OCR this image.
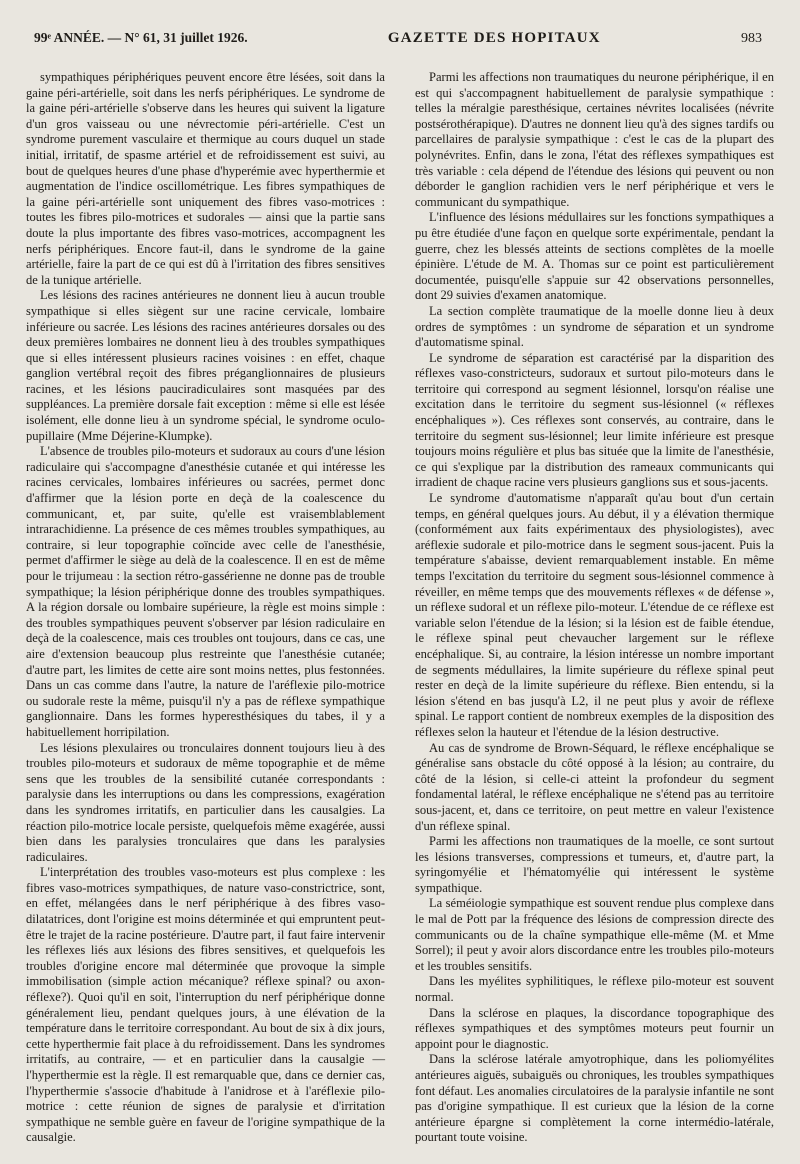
99ᵉ ANNÉE. — N° 61, 31 juillet 1926.	GAZETTE DES HOPITAUX	983

sympathiques périphériques peuvent encore être lésées, soit dans la gaine péri-artérielle, soit dans les nerfs périphériques. Le syndrome de la gaine péri-artérielle s'observe dans les heures qui suivent la ligature d'un gros vaisseau ou une névrectomie péri-artérielle. C'est un syndrome purement vasculaire et thermique au cours duquel un stade initial, irritatif, de spasme artériel et de refroidissement est suivi, au bout de quelques heures d'une phase d'hyperémie avec hyperthermie et augmentation de l'indice oscillométrique. Les fibres sympathiques de la gaine péri-artérielle sont uniquement des fibres vaso-motrices : toutes les fibres pilo-motrices et sudorales — ainsi que la partie sans doute la plus importante des fibres vaso-motrices, accompagnent les nerfs périphériques. Encore faut-il, dans le syndrome de la gaine artérielle, faire la part de ce qui est dû à l'irritation des fibres sensitives de la tunique artérielle.

Les lésions des racines antérieures ne donnent lieu à aucun trouble sympathique si elles siègent sur une racine cervicale, lombaire inférieure ou sacrée. Les lésions des racines antérieures dorsales ou des deux premières lombaires ne donnent lieu à des troubles sympathiques que si elles intéressent plusieurs racines voisines : en effet, chaque ganglion vertébral reçoit des fibres préganglionnaires de plusieurs racines, et les lésions pauciradiculaires sont masquées par des suppléances. La première dorsale fait exception : même si elle est lésée isolément, elle donne lieu à un syndrome spécial, le syndrome oculo-pupillaire (Mme Déjerine-Klumpke).

L'absence de troubles pilo-moteurs et sudoraux au cours d'une lésion radiculaire qui s'accompagne d'anesthésie cutanée et qui intéresse les racines cervicales, lombaires inférieures ou sacrées, permet donc d'affirmer que la lésion porte en deçà de la coalescence du communicant, et, par suite, qu'elle est vraisemblablement intrarachidienne. La présence de ces mêmes troubles sympathiques, au contraire, si leur topographie coïncide avec celle de l'anesthésie, permet d'affirmer le siège au delà de la coalescence. Il en est de même pour le trijumeau : la section rétro-gassérienne ne donne pas de trouble sympathique; la lésion périphérique donne des troubles sympathiques. A la région dorsale ou lombaire supérieure, la règle est moins simple : des troubles sympathiques peuvent s'observer par lésion radiculaire en deçà de la coalescence, mais ces troubles ont toujours, dans ce cas, une aire d'extension beaucoup plus restreinte que l'anesthésie cutanée; d'autre part, les limites de cette aire sont moins nettes, plus festonnées. Dans un cas comme dans l'autre, la nature de l'aréflexie pilo-motrice ou sudorale reste la même, puisqu'il n'y a pas de réflexe sympathique ganglionnaire. Dans les formes hyperesthésiques du tabes, il y a habituellement horripilation.

Les lésions plexulaires ou tronculaires donnent toujours lieu à des troubles pilo-moteurs et sudoraux de même topographie et de même sens que les troubles de la sensibilité cutanée correspondants : paralysie dans les interruptions ou dans les compressions, exagération dans les syndromes irritatifs, en particulier dans les causalgies. La réaction pilo-motrice locale persiste, quelquefois même exagérée, aussi bien dans les paralysies tronculaires que dans les paralysies radiculaires.

L'interprétation des troubles vaso-moteurs est plus complexe : les fibres vaso-motrices sympathiques, de nature vaso-constrictrice, sont, en effet, mélangées dans le nerf périphérique à des fibres vaso-dilatatrices, dont l'origine est moins déterminée et qui empruntent peut-être le trajet de la racine postérieure. D'autre part, il faut faire intervenir les réflexes liés aux lésions des fibres sensitives, et quelquefois les troubles d'origine encore mal déterminée que provoque la simple immobilisation (simple action mécanique? réflexe spinal? ou axon-réflexe?). Quoi qu'il en soit, l'interruption du nerf périphérique donne généralement lieu, pendant quelques jours, à une élévation de la température dans le territoire correspondant. Au bout de six à dix jours, cette hyperthermie fait place à du refroidissement. Dans les syndromes irritatifs, au contraire, — et en particulier dans la causalgie — l'hyperthermie est la règle. Il est remarquable que, dans ce dernier cas, l'hyperthermie s'associe d'habitude à l'anidrose et à l'aréflexie pilo-motrice : cette réunion de signes de paralysie et d'irritation sympathique ne semble guère en faveur de l'origine sympathique de la causalgie.

Parmi les affections non traumatiques du neurone périphérique, il en est qui s'accompagnent habituellement de paralysie sympathique : telles la méralgie paresthésique, certaines névrites localisées (névrite postsérothérapique). D'autres ne donnent lieu qu'à des signes tardifs ou parcellaires de paralysie sympathique : c'est le cas de la plupart des polynévrites. Enfin, dans le zona, l'état des réflexes sympathiques est très variable : cela dépend de l'étendue des lésions qui peuvent ou non déborder le ganglion rachidien vers le nerf périphérique et vers le communicant du sympathique.

L'influence des lésions médullaires sur les fonctions sympathiques a pu être étudiée d'une façon en quelque sorte expérimentale, pendant la guerre, chez les blessés atteints de sections complètes de la moelle épinière. L'étude de M. A. Thomas sur ce point est particulièrement documentée, puisqu'elle s'appuie sur 42 observations personnelles, dont 29 suivies d'examen anatomique.

La section complète traumatique de la moelle donne lieu à deux ordres de symptômes : un syndrome de séparation et un syndrome d'automatisme spinal.

Le syndrome de séparation est caractérisé par la disparition des réflexes vaso-constricteurs, sudoraux et surtout pilo-moteurs dans le territoire qui correspond au segment lésionnel, lorsqu'on réalise une excitation dans le territoire du segment sus-lésionnel (« réflexes encéphaliques »). Ces réflexes sont conservés, au contraire, dans le territoire du segment sus-lésionnel; leur limite inférieure est presque toujours moins régulière et plus bas située que la limite de l'anesthésie, ce qui s'explique par la distribution des rameaux communicants qui irradient de chaque racine vers plusieurs ganglions sus et sous-jacents.

Le syndrome d'automatisme n'apparaît qu'au bout d'un certain temps, en général quelques jours. Au début, il y a élévation thermique (conformément aux faits expérimentaux des physiologistes), avec aréflexie sudorale et pilo-motrice dans le segment sous-jacent. Puis la température s'abaisse, devient remarquablement instable. En même temps l'excitation du territoire du segment sous-lésionnel commence à réveiller, en même temps que des mouvements réflexes « de défense », un réflexe sudoral et un réflexe pilo-moteur. L'étendue de ce réflexe est variable selon l'étendue de la lésion; si la lésion est de faible étendue, le réflexe spinal peut chevaucher largement sur le réflexe encéphalique. Si, au contraire, la lésion intéresse un nombre important de segments médullaires, la limite supérieure du réflexe spinal peut rester en deçà de la limite supérieure du réflexe. Bien entendu, si la lésion s'étend en bas jusqu'à L2, il ne peut plus y avoir de réflexe spinal. Le rapport contient de nombreux exemples de la disposition des réflexes selon la hauteur et l'étendue de la lésion destructive.

Au cas de syndrome de Brown-Séquard, le réflexe encéphalique se généralise sans obstacle du côté opposé à la lésion; au contraire, du côté de la lésion, si celle-ci atteint la profondeur du segment fondamental latéral, le réflexe encéphalique ne s'étend pas au territoire sous-jacent, et, dans ce territoire, on peut mettre en valeur l'existence d'un réflexe spinal.

Parmi les affections non traumatiques de la moelle, ce sont surtout les lésions transverses, compressions et tumeurs, et, d'autre part, la syringomyélie et l'hématomyélie qui intéressent le système sympathique.

La séméiologie sympathique est souvent rendue plus complexe dans le mal de Pott par la fréquence des lésions de compression directe des communicants ou de la chaîne sympathique elle-même (M. et Mme Sorrel); il peut y avoir alors discordance entre les troubles pilo-moteurs et les troubles sensitifs.

Dans les myélites syphilitiques, le réflexe pilo-moteur est souvent normal.

Dans la sclérose en plaques, la discordance topographique des réflexes sympathiques et des symptômes moteurs peut fournir un appoint pour le diagnostic.

Dans la sclérose latérale amyotrophique, dans les poliomyélites antérieures aiguës, subaiguës ou chroniques, les troubles sympathiques font défaut. Les anomalies circulatoires de la paralysie infantile ne sont pas d'origine sympathique. Il est curieux que la lésion de la corne antérieure épargne si complètement la corne intermédio-latérale, pourtant toute voisine.
